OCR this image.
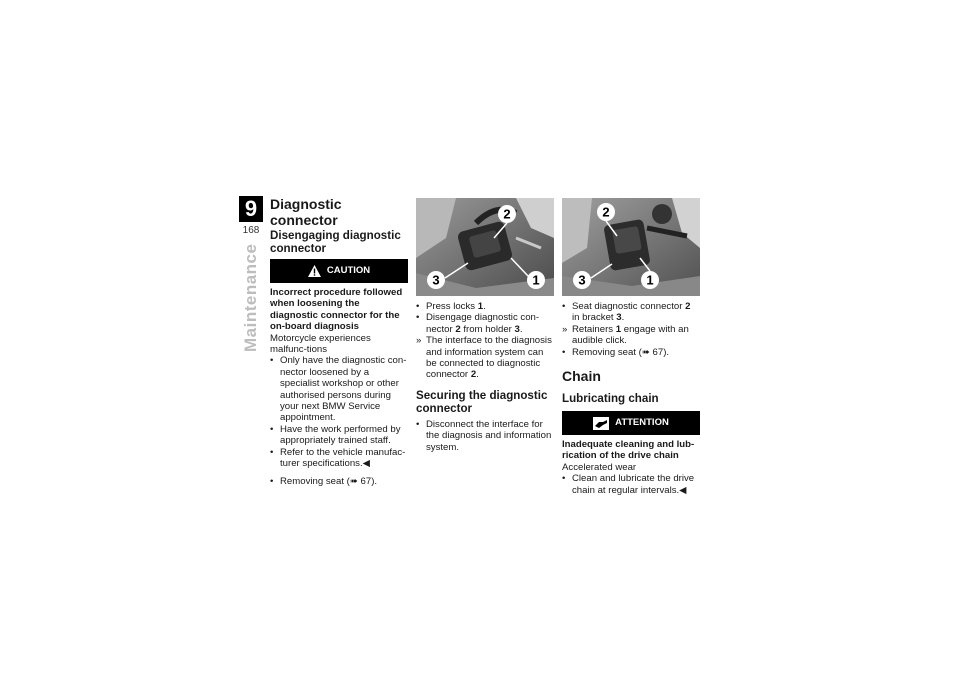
9
168
Maintenance
Diagnostic connector
Disengaging diagnostic connector
CAUTION
Incorrect procedure followed when loosening the diagnostic connector for the on-board diagnosis
Motorcycle experiences malfunc-tions
• Only have the diagnostic con-nector loosened by a specialist workshop or other authorised persons during your next BMW Service appointment.
• Have the work performed by appropriately trained staff.
• Refer to the vehicle manufac-turer specifications.◀
• Removing seat (➠ 67).
2
3	1
• Press locks 1.
• Disengage diagnostic con-nector 2 from holder 3.
» The interface to the diagnosis and information system can be connected to diagnostic connector 2.
Securing the diagnostic connector
• Disconnect the interface for the diagnosis and information system.
2
3	1
• Seat diagnostic connector 2 in bracket 3.
» Retainers 1 engage with an audible click.
• Removing seat (➠ 67).
Chain
Lubricating chain
ATTENTION
Inadequate cleaning and lub-rication of the drive chain
Accelerated wear
• Clean and lubricate the drive chain at regular intervals.◀
